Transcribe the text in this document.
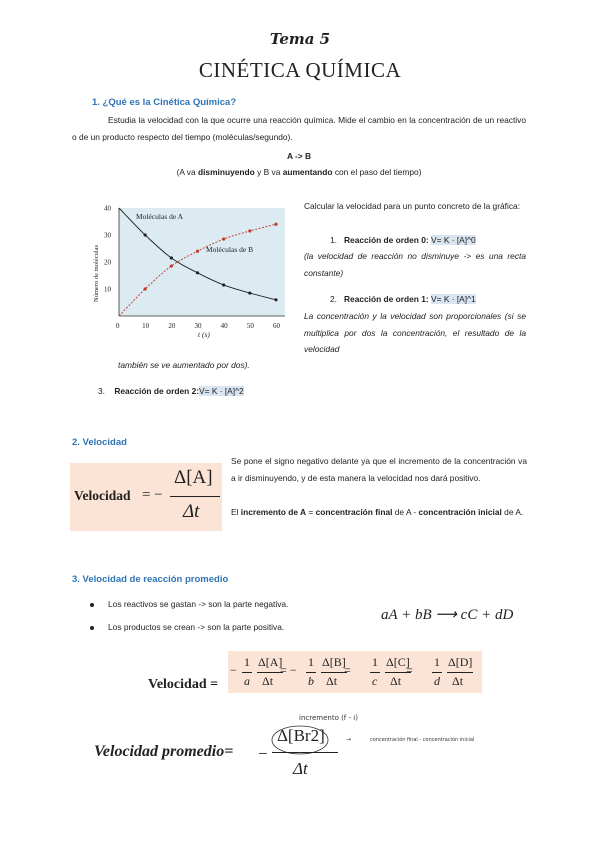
Tema 5
CINÉTICA QUÍMICA
1. ¿Qué es la Cinética Química?
Estudia la velocidad con la que ocurre una reacción química. Mide el cambio en la concentración de un reactivo o de un producto respecto del tiempo (moléculas/segundo).
A -> B
(A va disminuyendo y B va aumentando con el paso del tiempo)
0	10	20	30	40	50	60
10
20
30
40
Moléculas de A
Moléculas de B
t (s)
Número de moléculas
Calcular la velocidad para un punto concreto de la gráfica:
1. Reacción de orden 0: V= K · [A]^0
(la velocidad de reacción no disminuye -> es una recta constante)
2. Reacción de orden 1: V= K · [A]^1
La concentración y la velocidad son proporcionales (si se multiplica por dos la concentración, el resultado de la velocidad
también se ve aumentado por dos).
3. Reacción de orden 2:V= K · [A]^2
2. Velocidad
Velocidad = −
Δ[A]
Δt
Se pone el signo negativo delante ya que el incremento de la concentración va a ir disminuyendo, y de esta manera la velocidad nos dará positivo.
El incremento de A = concentración final de A - concentración inicial de A.
3. Velocidad de reacción promedio
Los reactivos se gastan -> son la parte negativa.
Los productos se crean -> son la parte positiva.
aA + bB ⟶ cC + dD
Velocidad =
1
a
Δ[A]
Δt
= −
1
b
Δ[B]
Δt
=
1
c
Δ[C]
Δt
=
1
d
Δ[D]
Δt
−
Velocidad promedio= −
Δ[Br2]
Δt
incremento (f - i)
→	concentración final - concentración inicial
